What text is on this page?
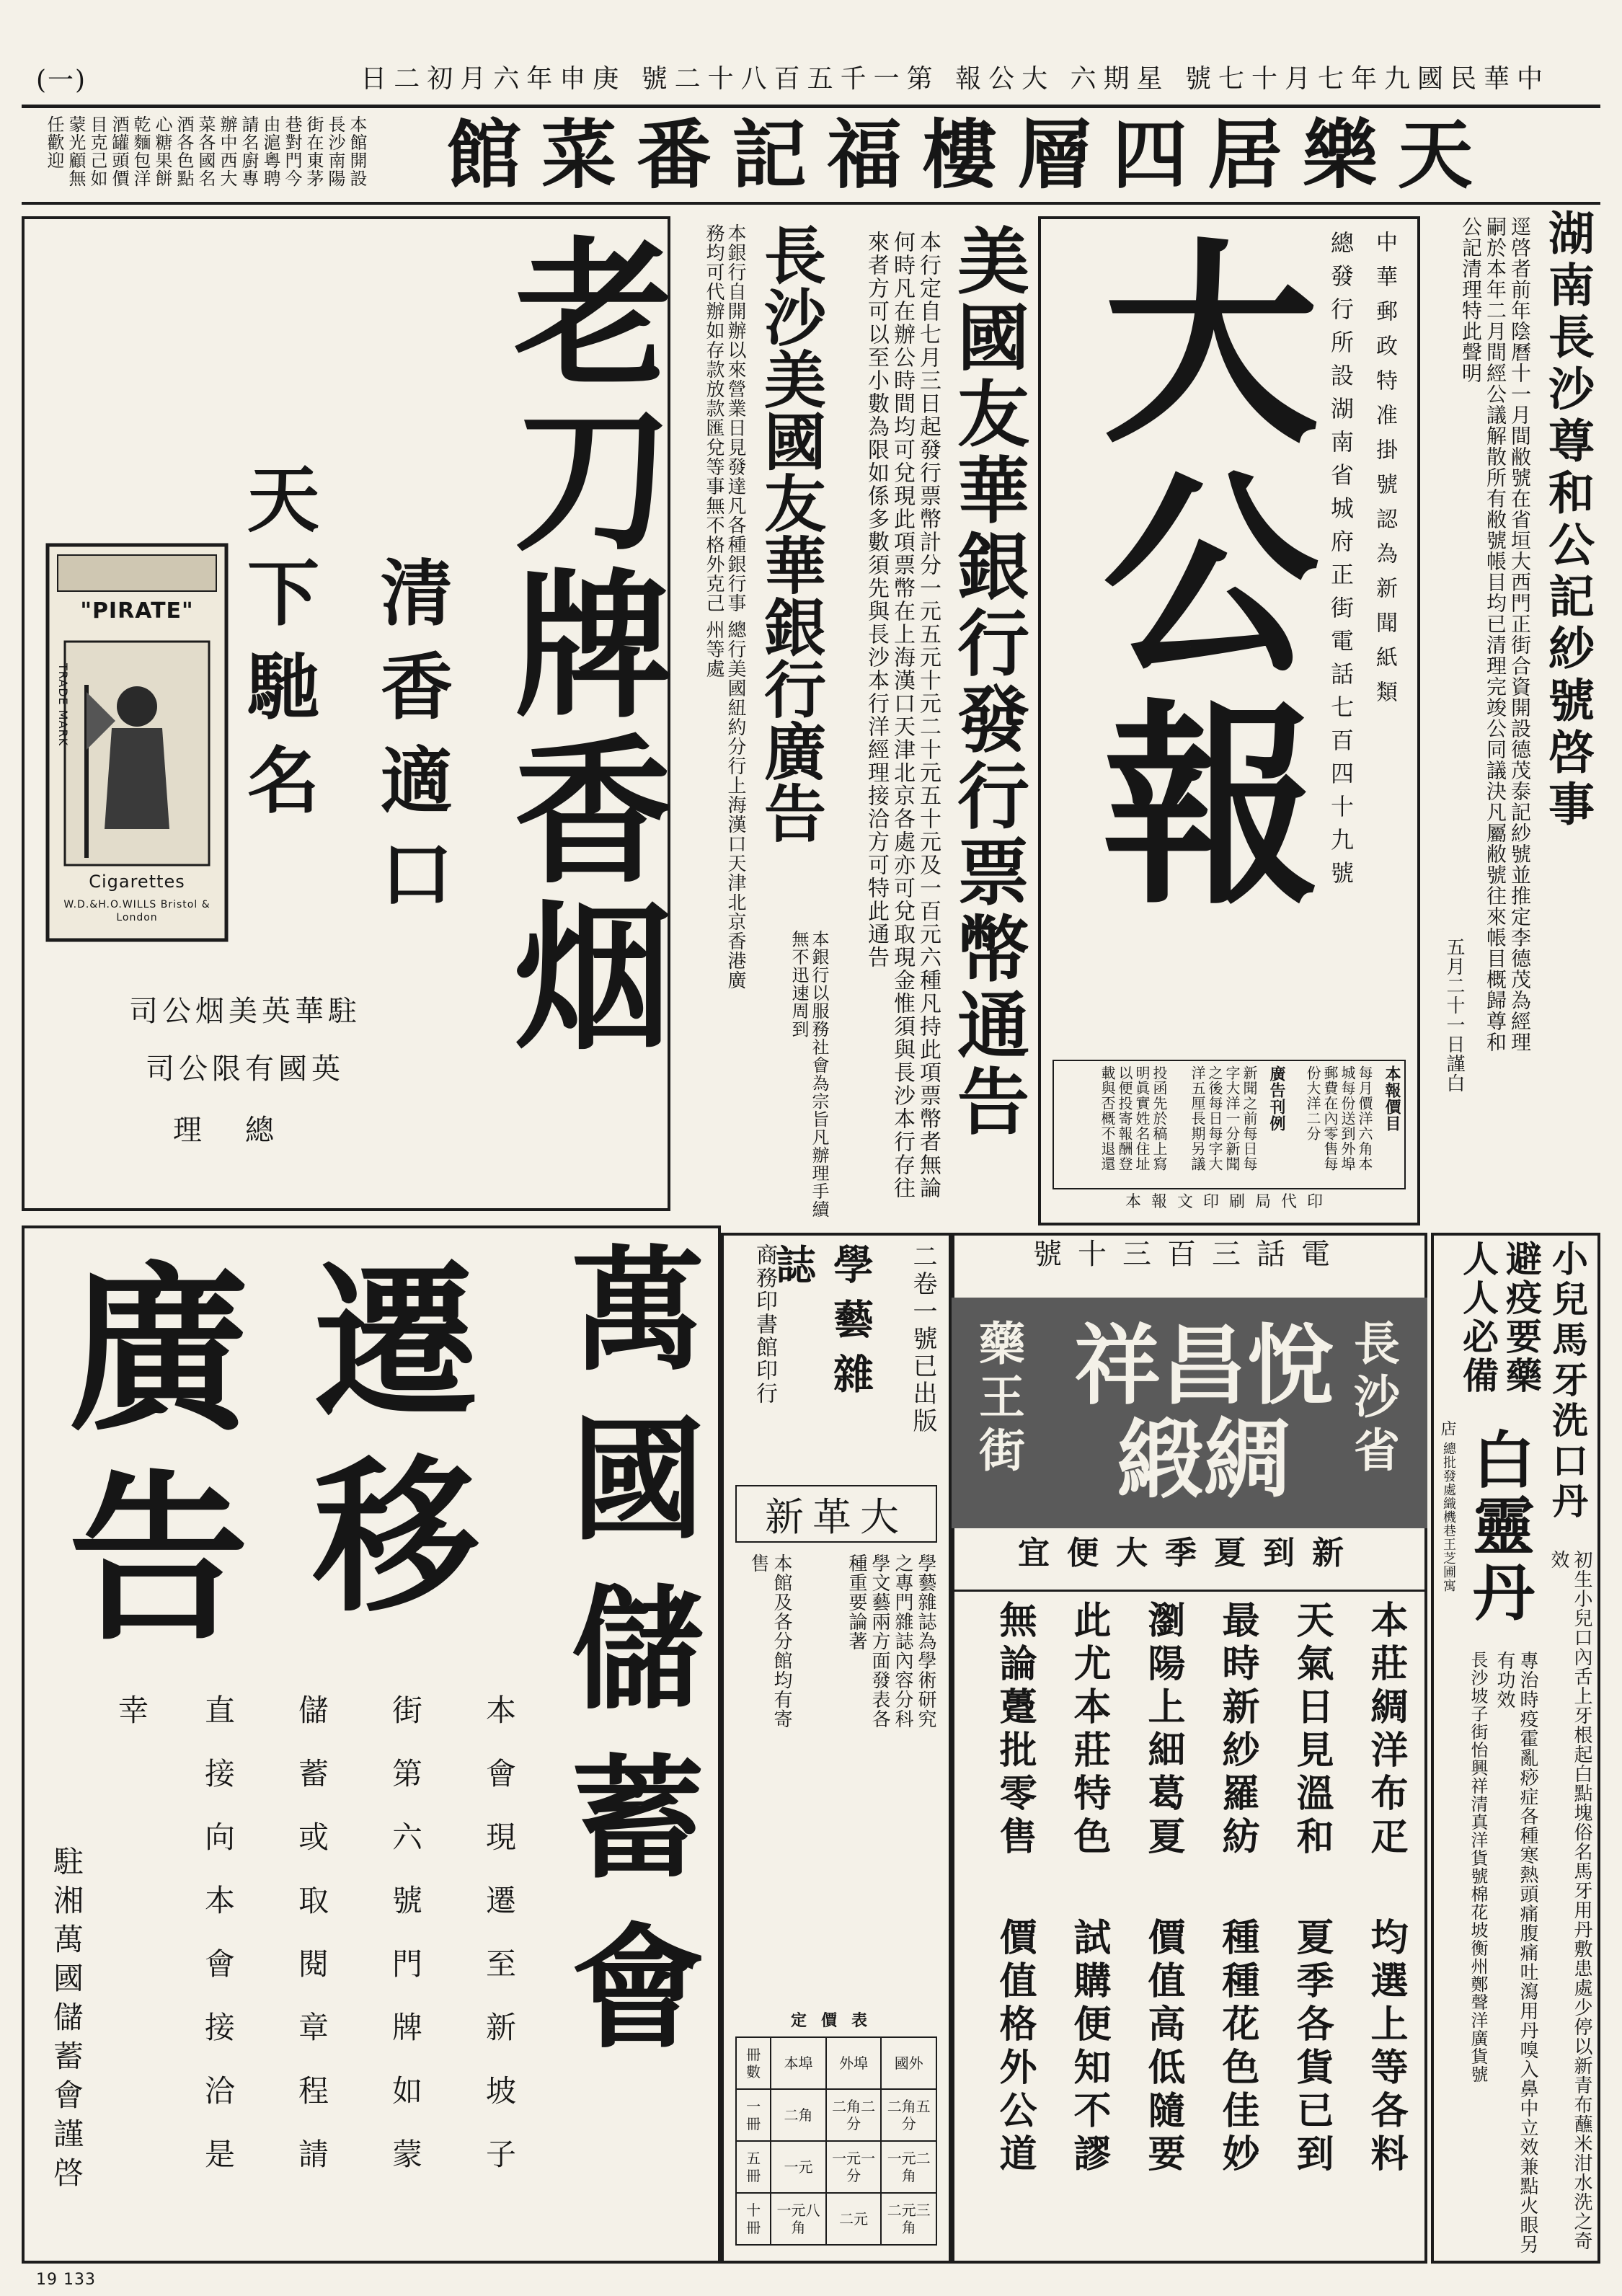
中華民國九年七月十七號 星期六 大公報 第一千五百八十二號 庚申年六月初二日
(一)
天樂居四層樓福記番菜館
本館開設長沙南陽街在東茅巷對門今由滬粵聘請名廚專辦中西大菜各國名酒各色點心糖果餅乾麵包洋酒罐頭價目克己如蒙光顧無任歡迎
湖南長沙尊和公記紗號啓事
逕啓者前年陰曆十一月間敝號在省垣大西門正街合資開設德茂泰記紗號並推定李德茂為經理嗣於本年二月間經公議解散所有敝號帳目均已清理完竣公同議決凡屬敝號往來帳目概歸尊和公記清理特此聲明
五月二十一日謹白
大公報	中華郵政特准掛號認為新聞紙類
總發行所設湖南省城府正街電話七百四十九號
本報價目
每月價洋六角本城每份送到外埠郵費在內零售每份大洋二分
廣告刊例
新聞之前每日每字大洋一分新聞之後每日每字大洋五厘長期另議
投函先於稿上寫明眞實姓名住址以便投寄報酬登載與否概不退還
本報文印刷局代印
美國友華銀行發行票幣通告
本行定自七月三日起發行票幣計分一元五元十元二十元五十元及一百元六種凡持此項票幣者無論何時凡在辦公時間均可兌現此項票幣在上海漢口天津北京各處亦可兌取現金惟須與長沙本行存往來者方可以至小數為限如係多數須先與長沙本行洋經理接洽方可特此通告
長沙美國友華銀行廣告
本銀行自開辦以來營業日見發達凡各種銀行事務均可代辦如存款放款匯兌等事無不格外克己
總行美國紐約分行上海漢口天津北京香港廣州等處
本銀行以服務社會為宗旨凡辦理手續無不迅速周到
老刀牌香烟
清香適口
天下馳名
"PIRATE"
Cigarettes
W.D.&H.O.WILLS Bristol & London
TRADE MARK
駐華英美烟公司
英國有限公司
總理
遷移
廣告 萬國儲蓄會
本會現遷至新坡子
街第六號門牌如蒙
儲蓄或取閱章程請
直接向本會接洽是
幸
駐湘萬國儲蓄會謹啓
二卷一號已出版
學藝雜誌
商務印書館印行
大革新
學藝雜誌為學術研究之專門雜誌內容分科學文藝兩方面發表各種重要論著
本館及各分館均有寄售
定價表
冊數	本埠	外埠	國外
一冊	二角	二角二分	二角五分
五冊	一元	一元一分	一元二角
十冊	一元八角	二元	二元三角
電話三百三十號
長沙省
悅昌祥綢緞
藥王街
新到夏季大便宜
本莊綢洋布疋
天氣日見溫和
最時新紗羅紡
瀏陽上細葛夏
此尤本莊特色
無論躉批零售
均選上等各料
夏季各貨已到
種種花色佳妙
價值高低隨要
試購便知不謬
價值格外公道
小兒馬牙洗口丹
避疫要藥人人必備
白靈丹
初生小兒口內舌上牙根起白點塊俗名馬牙用丹敷患處少停以新青布蘸米泔水洗之奇效
專治時疫霍亂痧症各種寒熱頭痛腹痛吐瀉用丹嗅入鼻中立效兼點火眼另有功效
長沙坡子街怡興祥清真洋貨號棉花坡衡州鄭聲洋廣貨號
總批發處織機巷王芝圃寓
店
19 133
